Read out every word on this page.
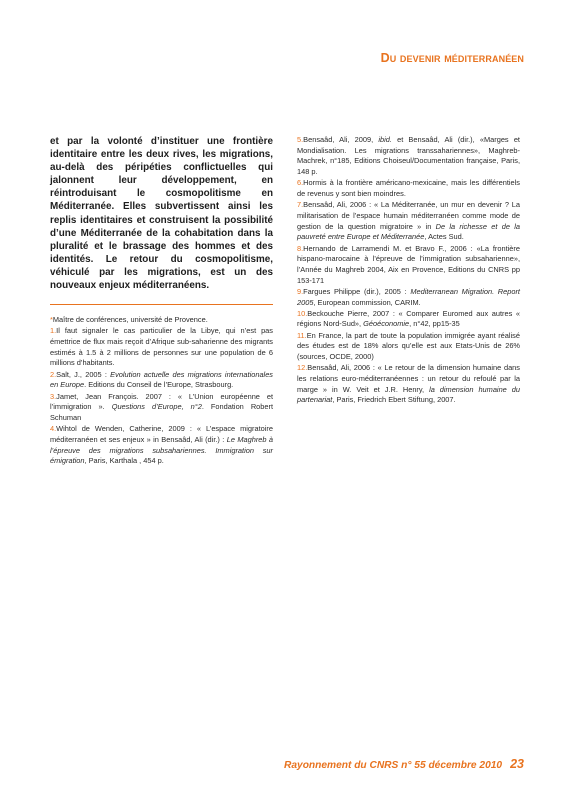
Du devenir méditerranéen

et par la volonté d’instituer une frontière identitaire entre les deux rives, les migrations, au-delà des péripéties conflictuelles qui jalonnent leur développement, en réintroduisant le cosmopolitisme en Méditerranée. Elles subvertissent ainsi les replis identitaires et construisent la possibilité d’une Méditerranée de la cohabitation dans la pluralité et le brassage des hommes et des identités. Le retour du cosmopolitisme, véhiculé par les migrations, est un des nouveaux enjeux méditerranéens.

*Maître de conférences, université de Provence.

1.Il faut signaler le cas particulier de la Libye, qui n’est pas émettrice de flux mais reçoit d’Afrique sub-saharienne des migrants estimés à 1.5 à 2 millions de personnes sur une population de 6 millions d’habitants.

2.Salt, J., 2005 : Evolution actuelle des migrations internationales en Europe. Editions du Conseil de l’Europe, Strasbourg.

3.Jamet, Jean François. 2007 : « L’Union européenne et l’immigration ». Questions d’Europe, n°2. Fondation Robert Schuman

4.Wihtol de Wenden, Catherine, 2009 : « L’espace migratoire méditerranéen et ses enjeux » in Bensaâd, Ali (dir.) : Le Maghreb à l’épreuve des migrations subsahariennes. Immigration sur émigration, Paris, Karthala , 454 p.

5.Bensaâd, Ali, 2009, ibid. et Bensaâd, Ali (dir.), «Marges et Mondialisation. Les migrations transsahariennes», Maghreb-Machrek, n°185, Editions Choiseul/Documentation française, Paris, 148 p.

6.Hormis à la frontière américano-mexicaine, mais les différentiels de revenus y sont bien moindres.

7.Bensaâd, Ali, 2006 : « La Méditerranée, un mur en devenir ? La militarisation de l’espace humain méditerranéen comme mode de gestion de la question migratoire » in De la richesse et de la pauvreté entre Europe et Méditerranée, Actes Sud.

8.Hernando de Larramendi M. et Bravo F., 2006 : «La frontière hispano-marocaine à l’épreuve de l’immigration subsaharienne», l’Année du Maghreb 2004, Aix en Provence, Editions du CNRS pp 153-171

9.Fargues Philippe (dir.), 2005 : Mediterranean Migration. Report 2005, European commission, CARIM.

10.Beckouche Pierre, 2007 : « Comparer Euromed aux autres « régions Nord-Sud», Géoéconomie, n°42, pp15-35

11.En France, la part de toute la population immigrée ayant réalisé des études est de 18% alors qu’elle est aux Etats-Unis de 26% (sources, OCDE, 2000)

12.Bensaâd, Ali, 2006 : « Le retour de la dimension humaine dans les relations euro-méditerranéennes : un retour du refoulé par la marge » in W. Veit et J.R. Henry, la dimension humaine du partenariat, Paris, Friedrich Ebert Stiftung, 2007.

Rayonnement du CNRS n° 55 décembre 2010 23
